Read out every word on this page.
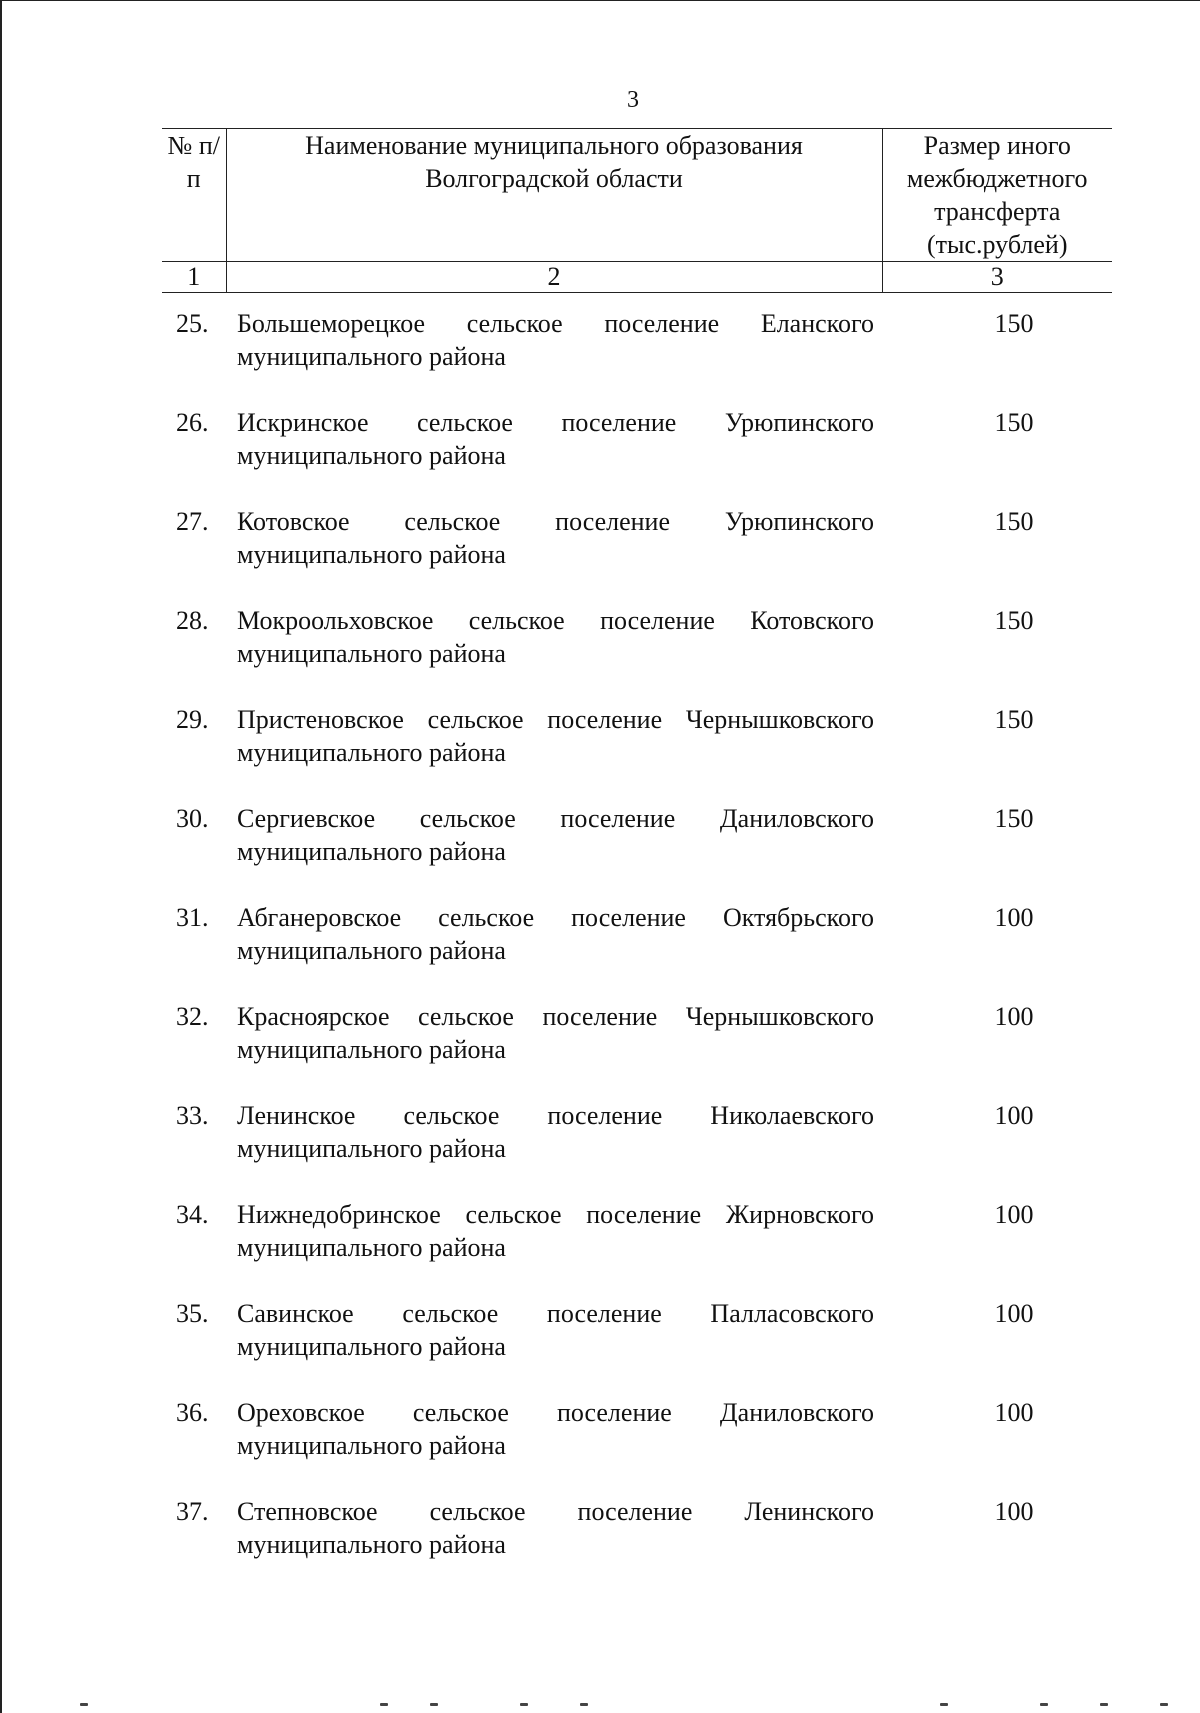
3
№ п/п	Наименование муниципального образования Волгоградской области	Размер иного межбюджетного трансферта (тыс.рублей)
1	2	3
25.	Большеморецкое сельское поселение Еланского муниципального района	150
26.	Искринское сельское поселение Урюпинского муниципального района	150
27.	Котовское сельское поселение Урюпинского муниципального района	150
28.	Мокроольховское сельское поселение Котовского муниципального района	150
29.	Пристеновское сельское поселение Чернышковского муниципального района	150
30.	Сергиевское сельское поселение Даниловского муниципального района	150
31.	Абганеровское сельское поселение Октябрьского муниципального района	100
32.	Красноярское сельское поселение Чернышковского муниципального района	100
33.	Ленинское сельское поселение Николаевского муниципального района	100
34.	Нижнедобринское сельское поселение Жирновского муниципального района	100
35.	Савинское сельское поселение Палласовского муниципального района	100
36.	Ореховское сельское поселение Даниловского муниципального района	100
37.	Степновское сельское поселение Ленинского муниципального района	100
